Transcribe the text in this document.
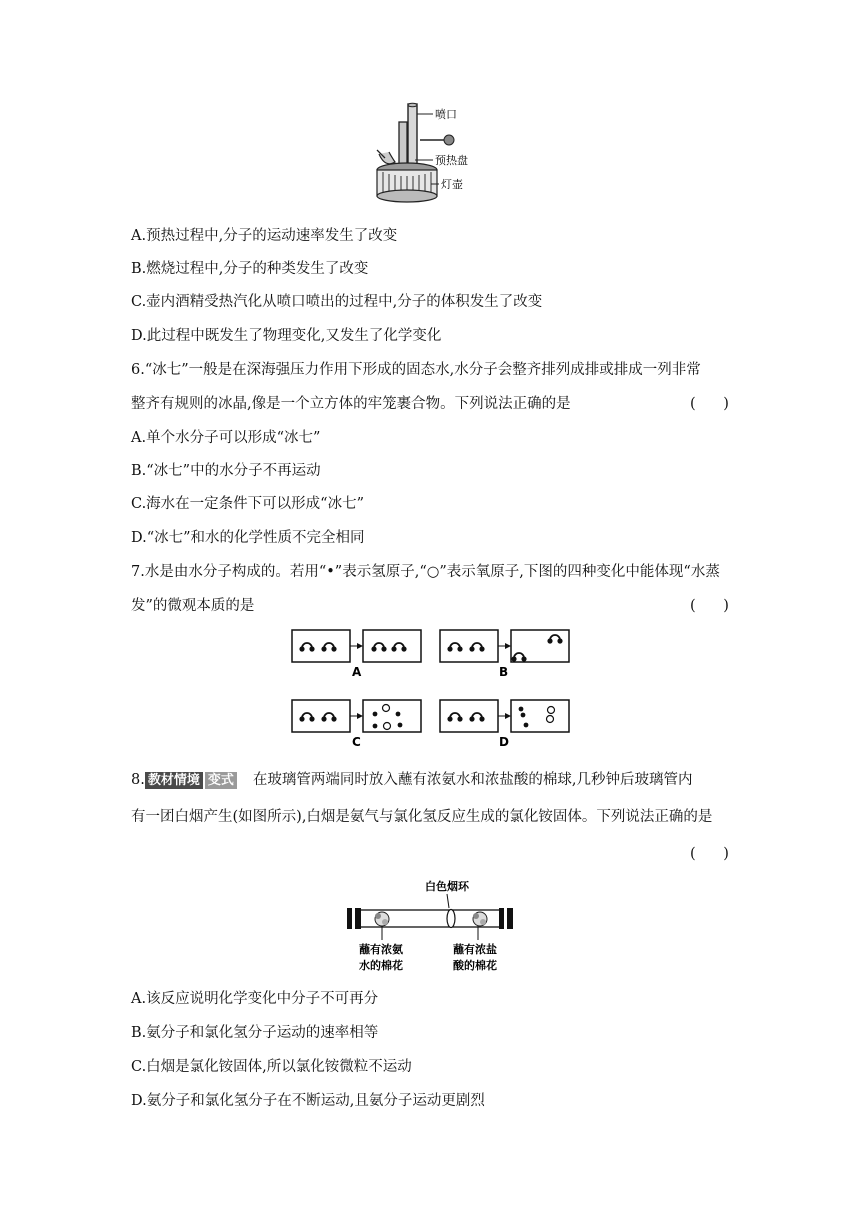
喷口
预热盘
灯壶
A.预热过程中,分子的运动速率发生了改变
B.燃烧过程中,分子的种类发生了改变
C.壶内酒精受热汽化从喷口喷出的过程中,分子的体积发生了改变
D.此过程中既发生了物理变化,又发生了化学变化
6.“冰七”一般是在深海强压力作用下形成的固态水,水分子会整齐排列成排或排成一列非常
整齐有规则的冰晶,像是一个立方体的牢笼裹合物。下列说法正确的是	(      )
A.单个水分子可以形成“冰七”
B.“冰七”中的水分子不再运动
C.海水在一定条件下可以形成“冰七”
D.“冰七”和水的化学性质不完全相同
7.水是由水分子构成的。若用“•”表示氢原子,“○”表示氧原子,下图的四种变化中能体现“水蒸
发”的微观本质的是	(      )
A	B
C	D
8. 教材情境 变式 在玻璃管两端同时放入蘸有浓氨水和浓盐酸的棉球,几秒钟后玻璃管内
有一团白烟产生(如图所示),白烟是氨气与氯化氢反应生成的氯化铵固体。下列说法正确的是
(      )
白色烟环
蘸有浓氨
水的棉花
蘸有浓盐
酸的棉花
A.该反应说明化学变化中分子不可再分
B.氨分子和氯化氢分子运动的速率相等
C.白烟是氯化铵固体,所以氯化铵微粒不运动
D.氨分子和氯化氢分子在不断运动,且氨分子运动更剧烈
